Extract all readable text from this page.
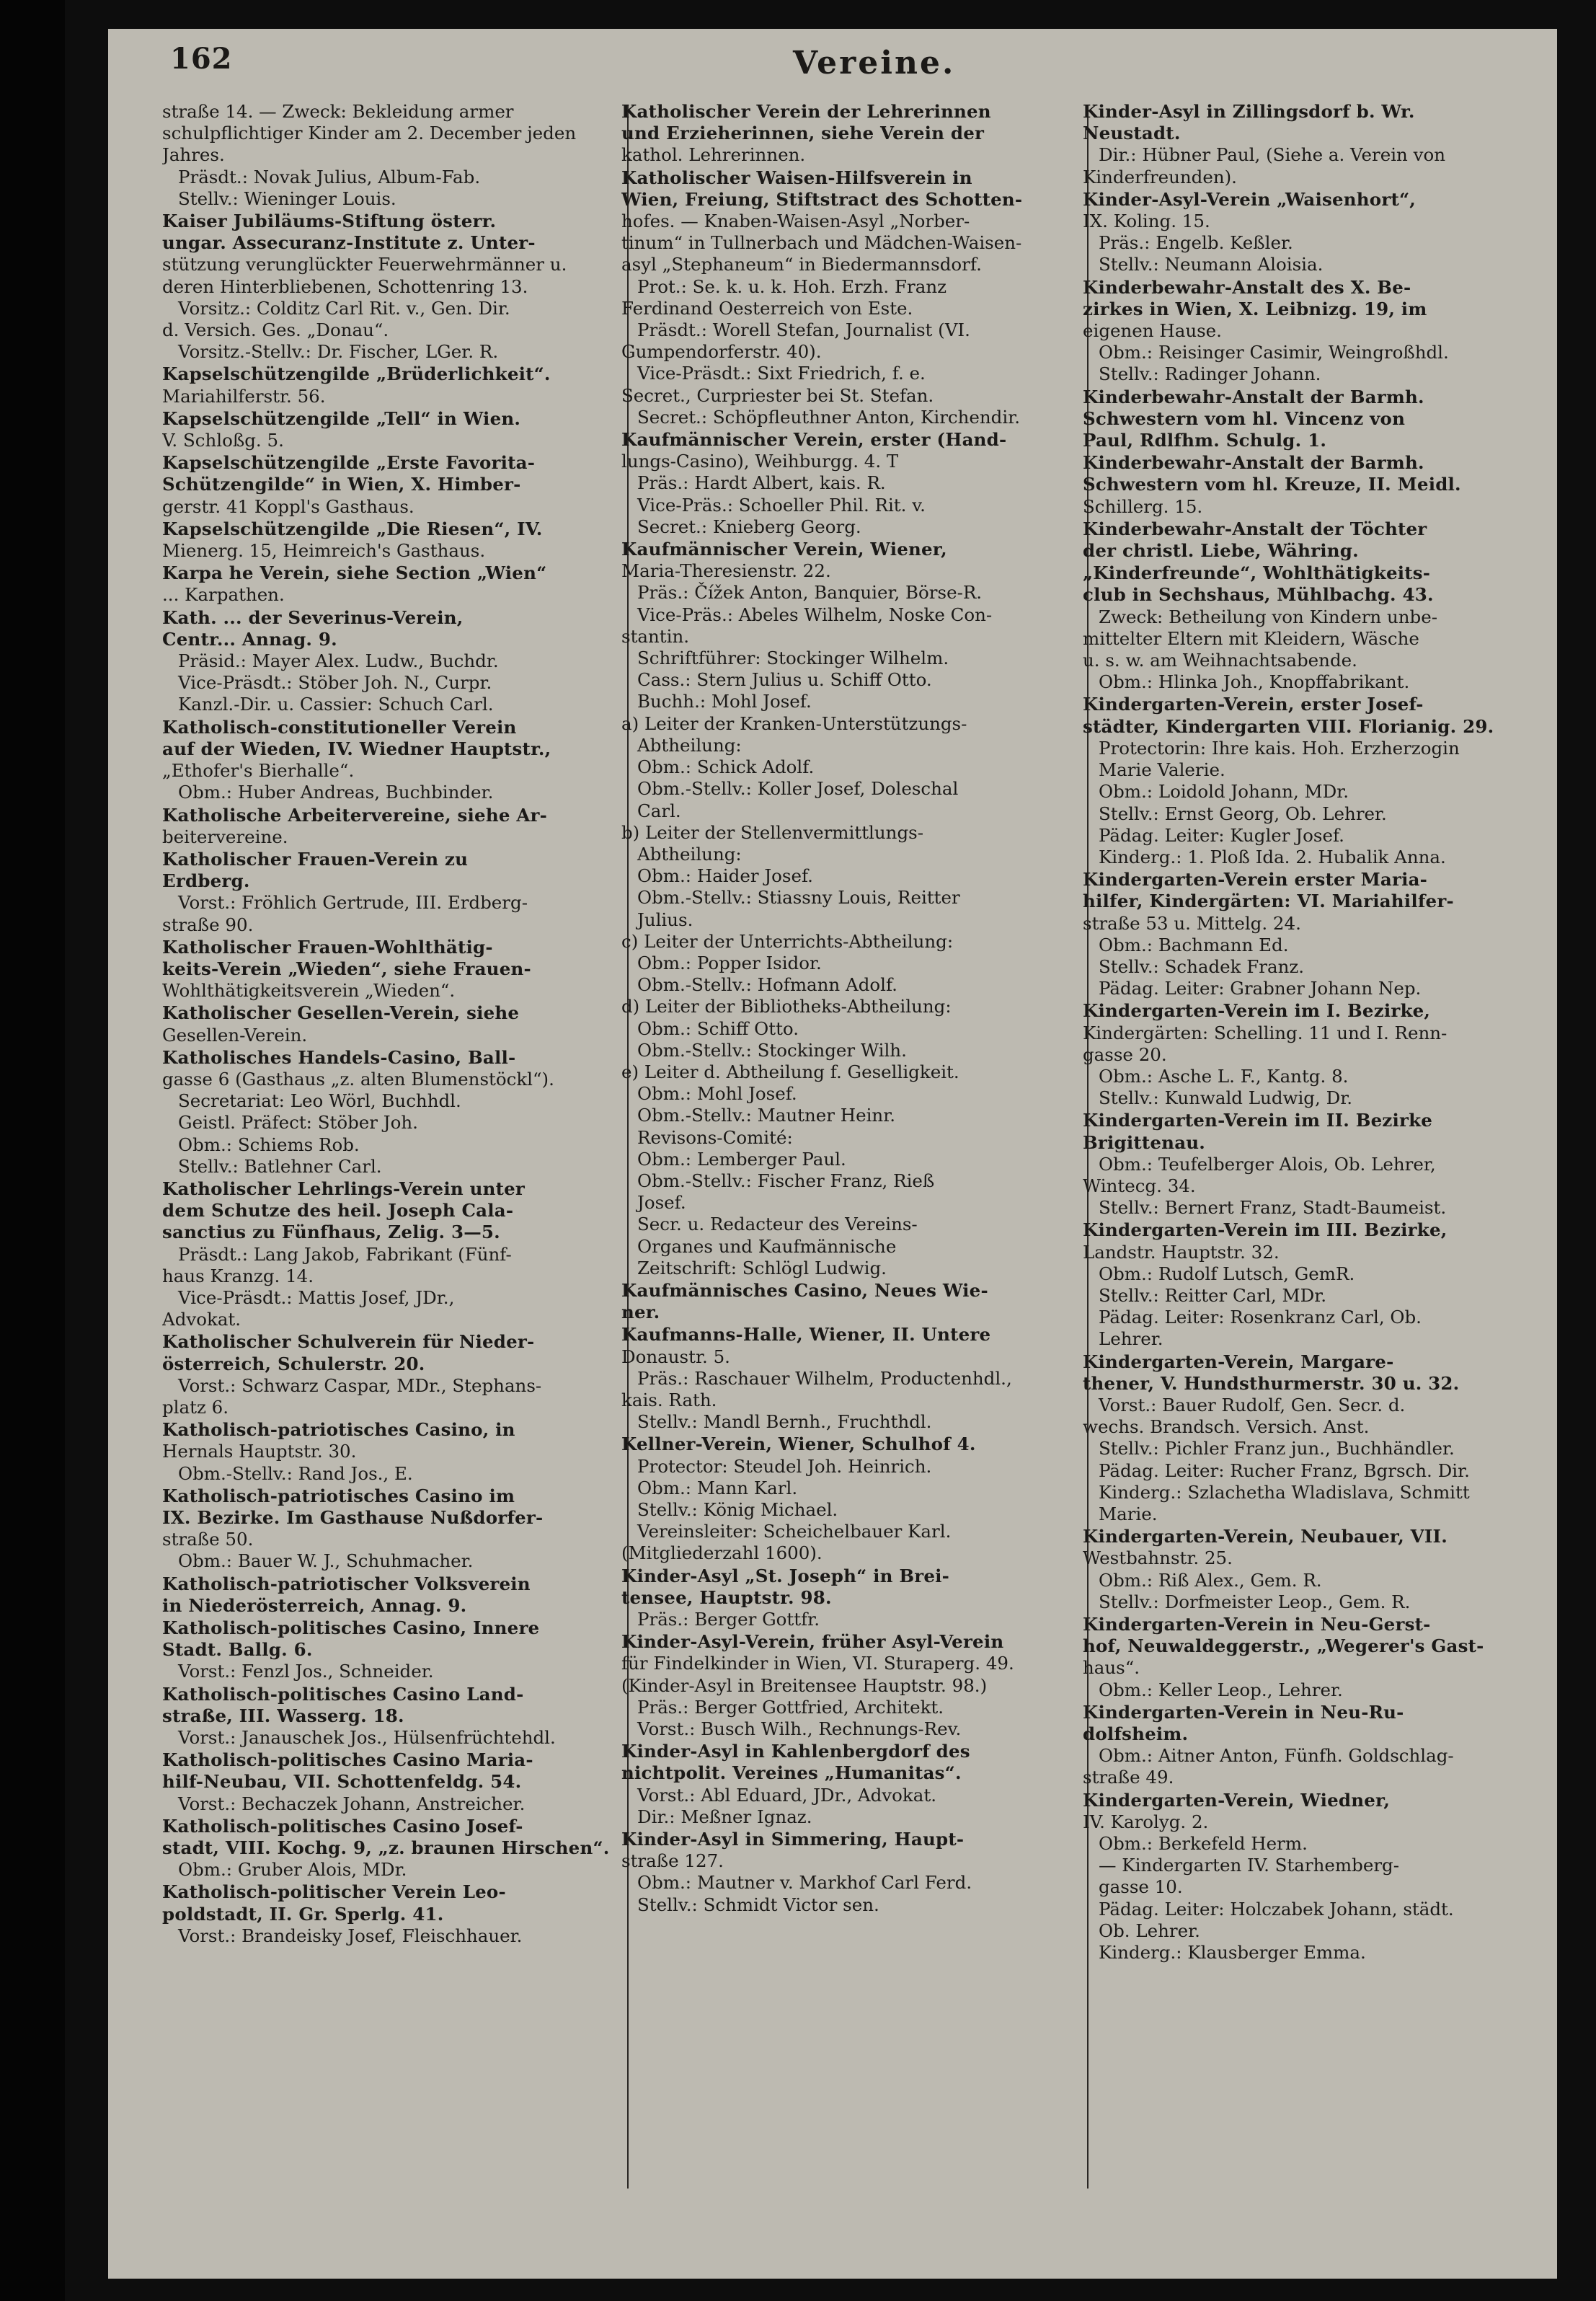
162	Vereine.
straße 14. — Zweck: Bekleidung armer
schulpflichtiger Kinder am 2. December jeden
Jahres.
Präsdt.: Novak Julius, Album-Fab.
Stellv.: Wieninger Louis.
Kaiser Jubiläums-Stiftung österr.
ungar. Assecuranz-Institute z. Unter-
stützung verunglückter Feuerwehrmänner u.
deren Hinterbliebenen, Schottenring 13.
Vorsitz.: Colditz Carl Rit. v., Gen. Dir.
d. Versich. Ges. „Donau“.
Vorsitz.-Stellv.: Dr. Fischer, LGer. R.
Kapselschützengilde „Brüderlichkeit“.
Mariahilferstr. 56.
Kapselschützengilde „Tell“ in Wien.
V. Schloßg. 5.
Kapselschützengilde „Erste Favorita-
Schützengilde“ in Wien, X. Himber-
gerstr. 41 Koppl's Gasthaus.
Kapselschützengilde „Die Riesen“, IV.
Mienerg. 15, Heimreich's Gasthaus.
Karpa he Verein, siehe Section „Wien“
... Karpathen.
Kath. ... der Severinus-Verein,
Centr... Annag. 9.
Präsid.: Mayer Alex. Ludw., Buchdr.
Vice-Präsdt.: Stöber Joh. N., Curpr.
Kanzl.-Dir. u. Cassier: Schuch Carl.
Katholisch-constitutioneller Verein
auf der Wieden, IV. Wiedner Hauptstr.,
„Ethofer's Bierhalle“.
Obm.: Huber Andreas, Buchbinder.
Katholische Arbeitervereine, siehe Ar-
beitervereine.
Katholischer Frauen-Verein zu
Erdberg.
Vorst.: Fröhlich Gertrude, III. Erdberg-
straße 90.
Katholischer Frauen-Wohlthätig-
keits-Verein „Wieden“, siehe Frauen-
Wohlthätigkeitsverein „Wieden“.
Katholischer Gesellen-Verein, siehe
Gesellen-Verein.
Katholisches Handels-Casino, Ball-
gasse 6 (Gasthaus „z. alten Blumenstöckl“).
Secretariat: Leo Wörl, Buchhdl.
Geistl. Präfect: Stöber Joh.
Obm.: Schiems Rob.
Stellv.: Batlehner Carl.
Katholischer Lehrlings-Verein unter
dem Schutze des heil. Joseph Cala-
sanctius zu Fünfhaus, Zelig. 3—5.
Präsdt.: Lang Jakob, Fabrikant (Fünf-
haus Kranzg. 14.
Vice-Präsdt.: Mattis Josef, JDr.,
Advokat.
Katholischer Schulverein für Nieder-
österreich, Schulerstr. 20.
Vorst.: Schwarz Caspar, MDr., Stephans-
platz 6.
Katholisch-patriotisches Casino, in
Hernals Hauptstr. 30.
Obm.-Stellv.: Rand Jos., E.
Katholisch-patriotisches Casino im
IX. Bezirke. Im Gasthause Nußdorfer-
straße 50.
Obm.: Bauer W. J., Schuhmacher.
Katholisch-patriotischer Volksverein
in Niederösterreich, Annag. 9.
Katholisch-politisches Casino, Innere
Stadt. Ballg. 6.
Vorst.: Fenzl Jos., Schneider.
Katholisch-politisches Casino Land-
straße, III. Wasserg. 18.
Vorst.: Janauschek Jos., Hülsenfrüchtehdl.
Katholisch-politisches Casino Maria-
hilf-Neubau, VII. Schottenfeldg. 54.
Vorst.: Bechaczek Johann, Anstreicher.
Katholisch-politisches Casino Josef-
stadt, VIII. Kochg. 9, „z. braunen Hirschen“.
Obm.: Gruber Alois, MDr.
Katholisch-politischer Verein Leo-
poldstadt, II. Gr. Sperlg. 41.
Vorst.: Brandeisky Josef, Fleischhauer.
Katholischer Verein der Lehrerinnen
und Erzieherinnen, siehe Verein der
kathol. Lehrerinnen.
Katholischer Waisen-Hilfsverein in
Wien, Freiung, Stiftstract des Schotten-
hofes. — Knaben-Waisen-Asyl „Norber-
tinum“ in Tullnerbach und Mädchen-Waisen-
asyl „Stephaneum“ in Biedermannsdorf.
Prot.: Se. k. u. k. Hoh. Erzh. Franz
Ferdinand Oesterreich von Este.
Präsdt.: Worell Stefan, Journalist (VI.
Gumpendorferstr. 40).
Vice-Präsdt.: Sixt Friedrich, f. e.
Secret., Curpriester bei St. Stefan.
Secret.: Schöpfleuthner Anton, Kirchendir.
Kaufmännischer Verein, erster (Hand-
lungs-Casino), Weihburgg. 4. T
Präs.: Hardt Albert, kais. R.
Vice-Präs.: Schoeller Phil. Rit. v.
Secret.: Knieberg Georg.
Kaufmännischer Verein, Wiener,
Maria-Theresienstr. 22.
Präs.: Čížek Anton, Banquier, Börse-R.
Vice-Präs.: Abeles Wilhelm, Noske Con-
stantin.
Schriftführer: Stockinger Wilhelm.
Cass.: Stern Julius u. Schiff Otto.
Buchh.: Mohl Josef.
a) Leiter der Kranken-Unterstützungs-
Abtheilung:
Obm.: Schick Adolf.
Obm.-Stellv.: Koller Josef, Doleschal
Carl.
b) Leiter der Stellenvermittlungs-
Abtheilung:
Obm.: Haider Josef.
Obm.-Stellv.: Stiassny Louis, Reitter
Julius.
c) Leiter der Unterrichts-Abtheilung:
Obm.: Popper Isidor.
Obm.-Stellv.: Hofmann Adolf.
d) Leiter der Bibliotheks-Abtheilung:
Obm.: Schiff Otto.
Obm.-Stellv.: Stockinger Wilh.
e) Leiter d. Abtheilung f. Geselligkeit.
Obm.: Mohl Josef.
Obm.-Stellv.: Mautner Heinr.
Revisons-Comité:
Obm.: Lemberger Paul.
Obm.-Stellv.: Fischer Franz, Rieß
Josef.
Secr. u. Redacteur des Vereins-
Organes und Kaufmännische
Zeitschrift: Schlögl Ludwig.
Kaufmännisches Casino, Neues Wie-
ner.
Kaufmanns-Halle, Wiener, II. Untere
Donaustr. 5.
Präs.: Raschauer Wilhelm, Productenhdl.,
kais. Rath.
Stellv.: Mandl Bernh., Fruchthdl.
Kellner-Verein, Wiener, Schulhof 4.
Protector: Steudel Joh. Heinrich.
Obm.: Mann Karl.
Stellv.: König Michael.
Vereinsleiter: Scheichelbauer Karl.
(Mitgliederzahl 1600).
Kinder-Asyl „St. Joseph“ in Brei-
tensee, Hauptstr. 98.
Präs.: Berger Gottfr.
Kinder-Asyl-Verein, früher Asyl-Verein
für Findelkinder in Wien, VI. Sturaperg. 49.
(Kinder-Asyl in Breitensee Hauptstr. 98.)
Präs.: Berger Gottfried, Architekt.
Vorst.: Busch Wilh., Rechnungs-Rev.
Kinder-Asyl in Kahlenbergdorf des
nichtpolit. Vereines „Humanitas“.
Vorst.: Abl Eduard, JDr., Advokat.
Dir.: Meßner Ignaz.
Kinder-Asyl in Simmering, Haupt-
straße 127.
Obm.: Mautner v. Markhof Carl Ferd.
Stellv.: Schmidt Victor sen.
Kinder-Asyl in Zillingsdorf b. Wr.
Neustadt.
Dir.: Hübner Paul, (Siehe a. Verein von
Kinderfreunden).
Kinder-Asyl-Verein „Waisenhort“,
IX. Koling. 15.
Präs.: Engelb. Keßler.
Stellv.: Neumann Aloisia.
Kinderbewahr-Anstalt des X. Be-
zirkes in Wien, X. Leibnizg. 19, im
eigenen Hause.
Obm.: Reisinger Casimir, Weingroßhdl.
Stellv.: Radinger Johann.
Kinderbewahr-Anstalt der Barmh.
Schwestern vom hl. Vincenz von
Paul, Rdlfhm. Schulg. 1.
Kinderbewahr-Anstalt der Barmh.
Schwestern vom hl. Kreuze, II. Meidl.
Schillerg. 15.
Kinderbewahr-Anstalt der Töchter
der christl. Liebe, Währing.
„Kinderfreunde“, Wohlthätigkeits-
club in Sechshaus, Mühlbachg. 43.
Zweck: Betheilung von Kindern unbe-
mittelter Eltern mit Kleidern, Wäsche
u. s. w. am Weihnachtsabende.
Obm.: Hlinka Joh., Knopffabrikant.
Kindergarten-Verein, erster Josef-
städter, Kindergarten VIII. Florianig. 29.
Protectorin: Ihre kais. Hoh. Erzherzogin
Marie Valerie.
Obm.: Loidold Johann, MDr.
Stellv.: Ernst Georg, Ob. Lehrer.
Pädag. Leiter: Kugler Josef.
Kinderg.: 1. Ploß Ida. 2. Hubalik Anna.
Kindergarten-Verein erster Maria-
hilfer, Kindergärten: VI. Mariahilfer-
straße 53 u. Mittelg. 24.
Obm.: Bachmann Ed.
Stellv.: Schadek Franz.
Pädag. Leiter: Grabner Johann Nep.
Kindergarten-Verein im I. Bezirke,
Kindergärten: Schelling. 11 und I. Renn-
gasse 20.
Obm.: Asche L. F., Kantg. 8.
Stellv.: Kunwald Ludwig, Dr.
Kindergarten-Verein im II. Bezirke
Brigittenau.
Obm.: Teufelberger Alois, Ob. Lehrer,
Wintecg. 34.
Stellv.: Bernert Franz, Stadt-Baumeist.
Kindergarten-Verein im III. Bezirke,
Landstr. Hauptstr. 32.
Obm.: Rudolf Lutsch, GemR.
Stellv.: Reitter Carl, MDr.
Pädag. Leiter: Rosenkranz Carl, Ob.
Lehrer.
Kindergarten-Verein, Margare-
thener, V. Hundsthurmerstr. 30 u. 32.
Vorst.: Bauer Rudolf, Gen. Secr. d.
wechs. Brandsch. Versich. Anst.
Stellv.: Pichler Franz jun., Buchhändler.
Pädag. Leiter: Rucher Franz, Bgrsch. Dir.
Kinderg.: Szlachetha Wladislava, Schmitt
Marie.
Kindergarten-Verein, Neubauer, VII.
Westbahnstr. 25.
Obm.: Riß Alex., Gem. R.
Stellv.: Dorfmeister Leop., Gem. R.
Kindergarten-Verein in Neu-Gerst-
hof, Neuwaldeggerstr., „Wegerer's Gast-
haus“.
Obm.: Keller Leop., Lehrer.
Kindergarten-Verein in Neu-Ru-
dolfsheim.
Obm.: Aitner Anton, Fünfh. Goldschlag-
straße 49.
Kindergarten-Verein, Wiedner,
IV. Karolyg. 2.
Obm.: Berkefeld Herm.
— Kindergarten IV. Starhemberg-
gasse 10.
Pädag. Leiter: Holczabek Johann, städt.
Ob. Lehrer.
Kinderg.: Klausberger Emma.
